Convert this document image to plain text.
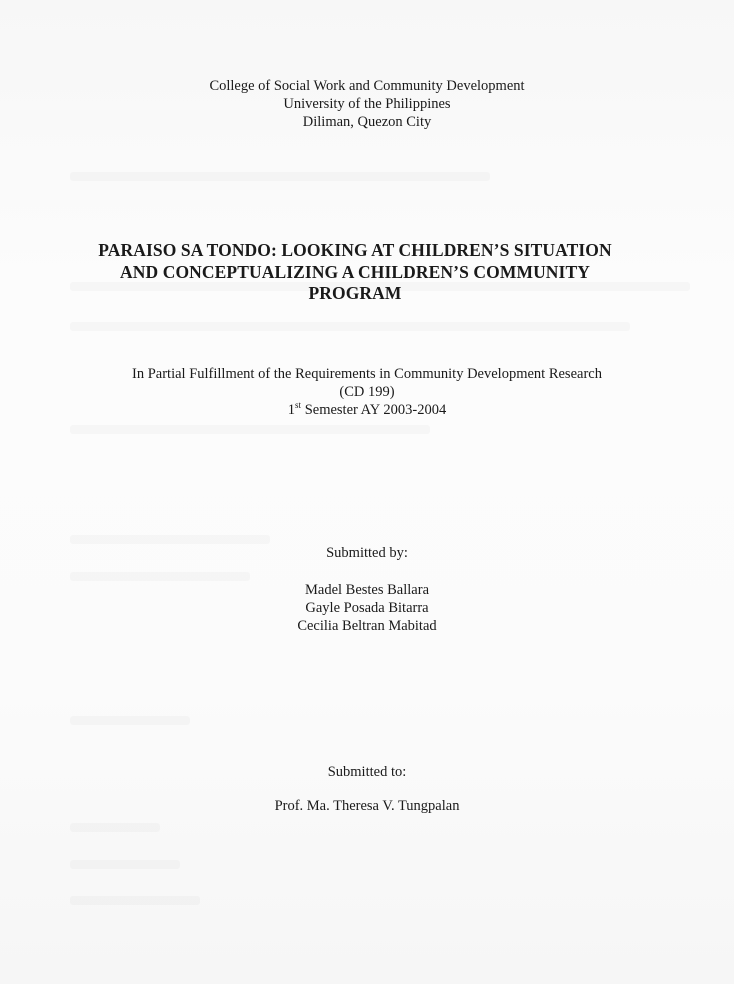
College of Social Work and Community Development
University of the Philippines
Diliman, Quezon City
PARAISO SA TONDO: LOOKING AT CHILDREN’S SITUATION
AND CONCEPTUALIZING A CHILDREN’S COMMUNITY
PROGRAM
In Partial Fulfillment of the Requirements in Community Development Research
(CD 199)
1st Semester AY 2003-2004
Submitted by:
Madel Bestes Ballara
Gayle Posada Bitarra
Cecilia Beltran Mabitad
Submitted to:
Prof. Ma. Theresa V. Tungpalan
